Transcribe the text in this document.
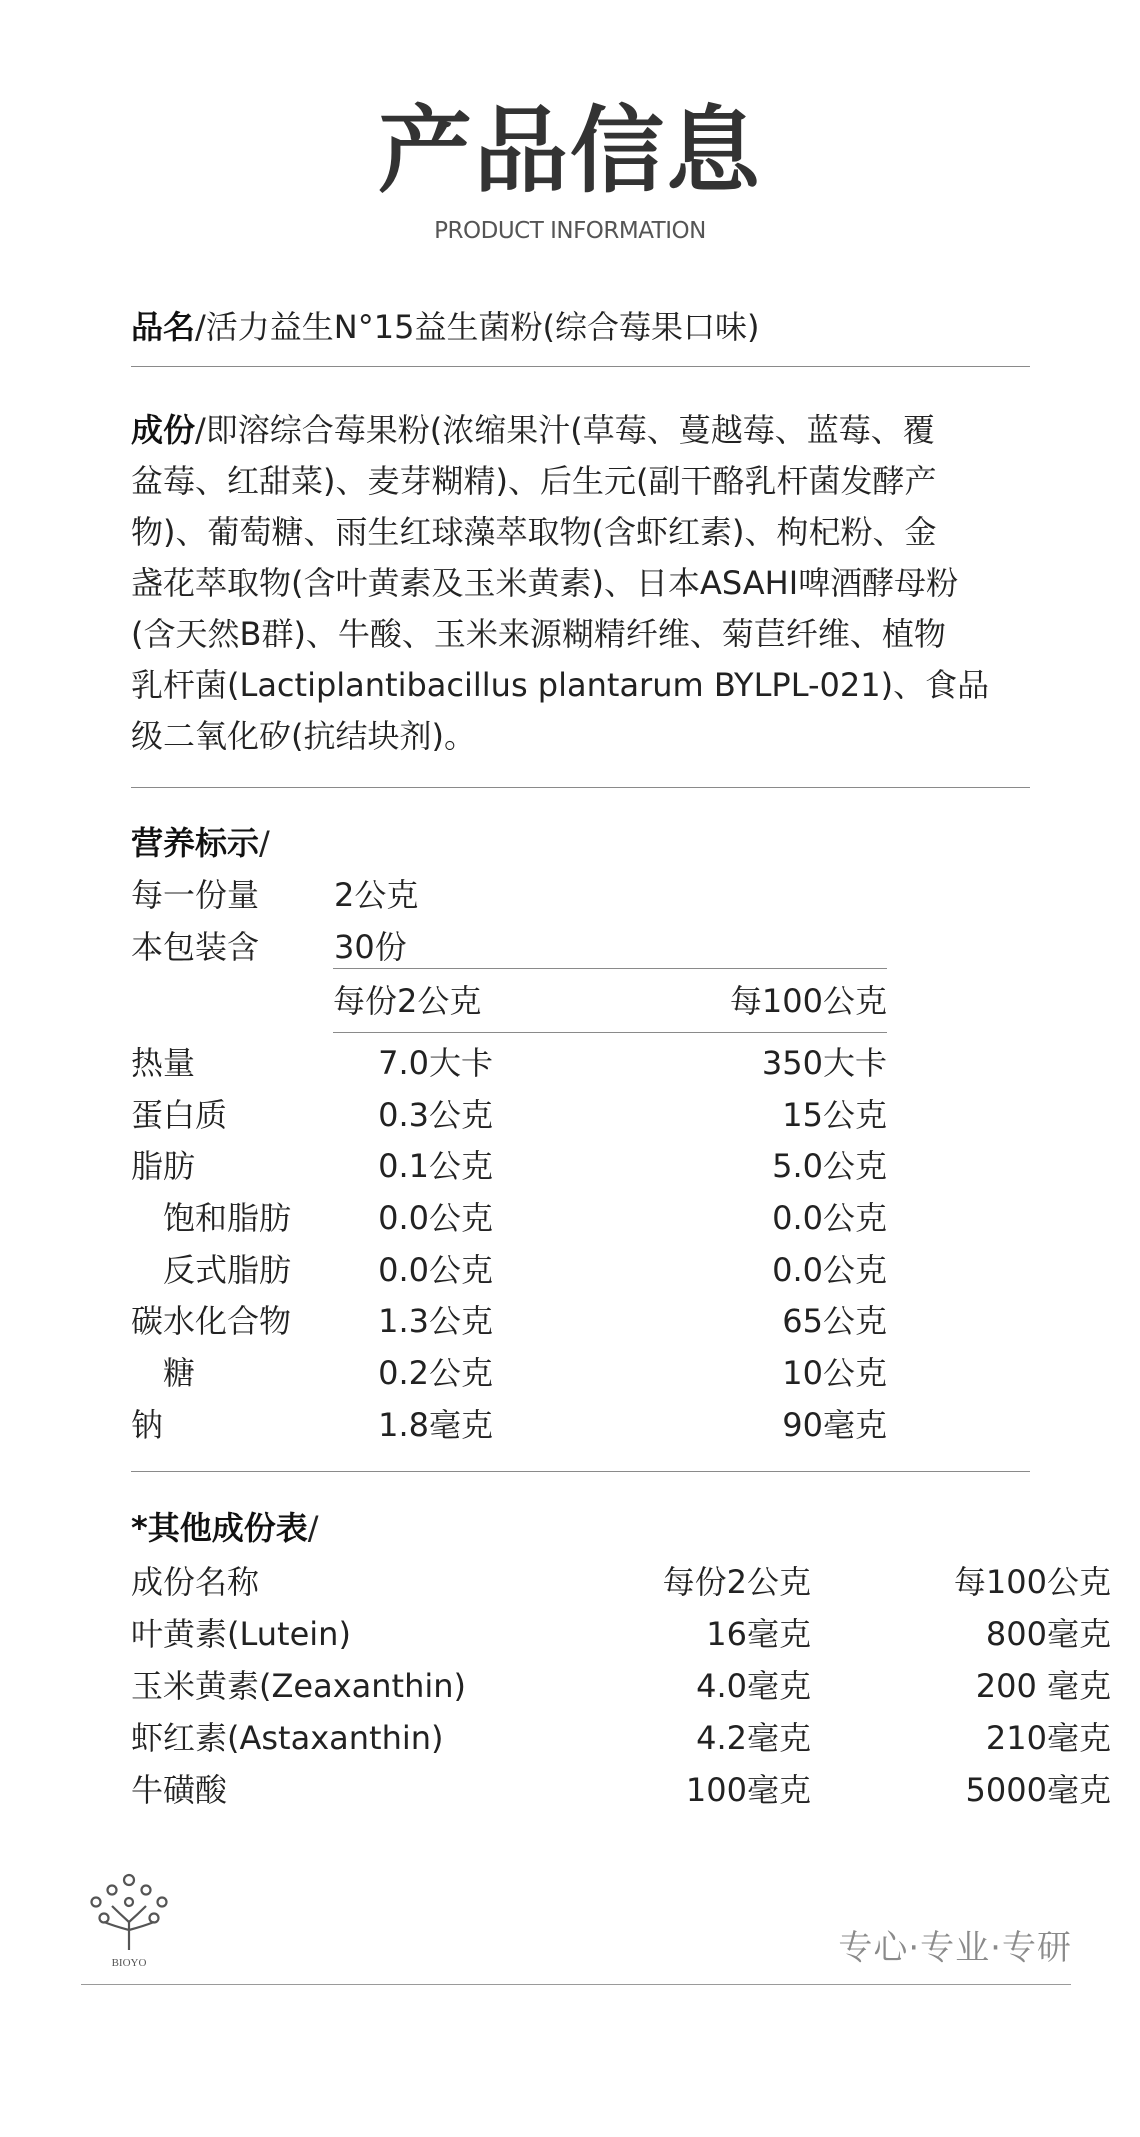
产品信息
PRODUCT INFORMATION
品名/活力益生N°15益生菌粉(综合莓果口味)
成份/即溶综合莓果粉(浓缩果汁(草莓、蔓越莓、蓝莓、覆
盆莓、红甜菜)、麦芽糊精)、后生元(副干酪乳杆菌发酵产
物)、葡萄糖、雨生红球藻萃取物(含虾红素)、枸杞粉、金
盏花萃取物(含叶黄素及玉米黄素)、日本ASAHI啤酒酵母粉
(含天然B群)、牛酸、玉米来源糊精纤维、菊苣纤维、植物
乳杆菌(Lactiplantibacillus plantarum BYLPL-021)、食品
级二氧化矽(抗结块剂)。
营养标示/
每一份量 2公克
本包装含 30份
每份2公克	每100公克
热量	7.0大卡	350大卡
蛋白质	0.3公克	15公克
脂肪	0.1公克	5.0公克
饱和脂肪	0.0公克	0.0公克
反式脂肪	0.0公克	0.0公克
碳水化合物	1.3公克	65公克
糖	0.2公克	10公克
钠	1.8毫克	90毫克
*其他成份表/
成份名称	每份2公克	每100公克
叶黄素(Lutein)	16毫克	800毫克
玉米黄素(Zeaxanthin)	4.0毫克	200 毫克
虾红素(Astaxanthin)	4.2毫克	210毫克
牛磺酸	100毫克	5000毫克
BIOYO	专心·专业·专研
